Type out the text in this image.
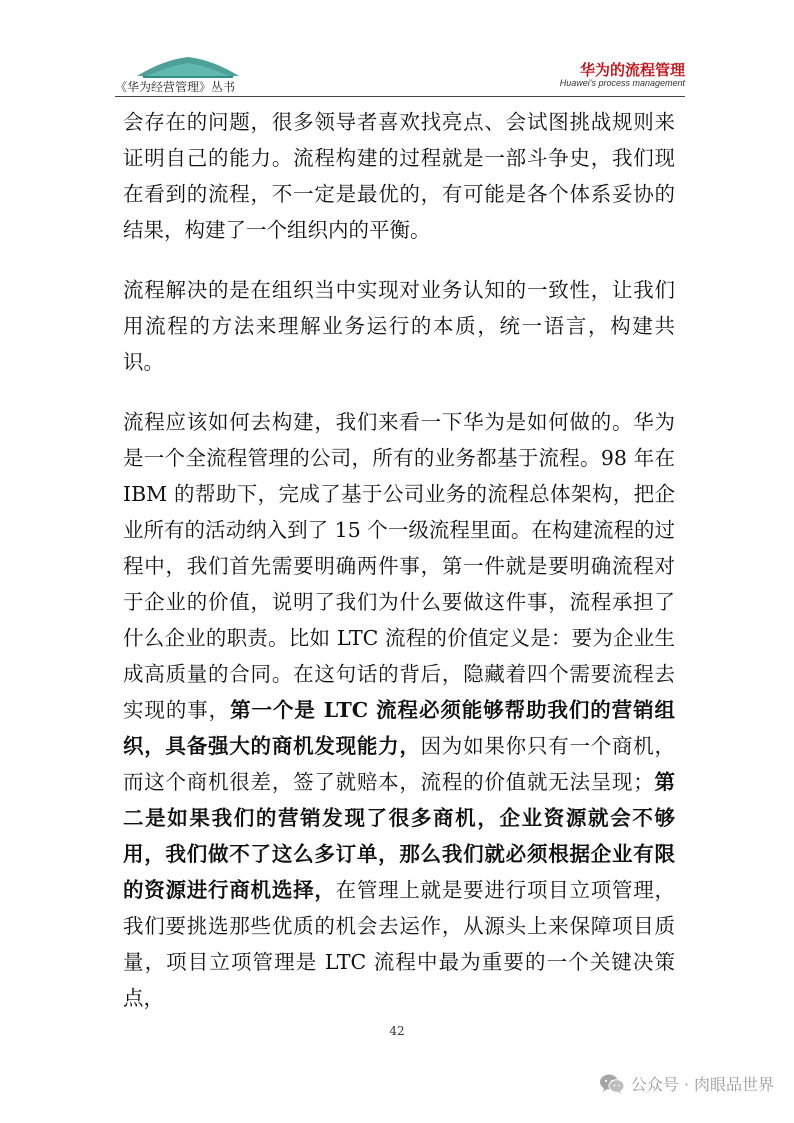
《华为经营管理》丛书
华为的流程管理
Huawei's process management

会存在的问题，很多领导者喜欢找亮点、会试图挑战规则来证明自己的能力。流程构建的过程就是一部斗争史，我们现在看到的流程，不一定是最优的，有可能是各个体系妥协的结果，构建了一个组织内的平衡。

流程解决的是在组织当中实现对业务认知的一致性，让我们用流程的方法来理解业务运行的本质，统一语言，构建共识。

流程应该如何去构建，我们来看一下华为是如何做的。华为是一个全流程管理的公司，所有的业务都基于流程。98 年在 IBM 的帮助下，完成了基于公司业务的流程总体架构，把企业所有的活动纳入到了 15 个一级流程里面。在构建流程的过程中，我们首先需要明确两件事，第一件就是要明确流程对于企业的价值，说明了我们为什么要做这件事，流程承担了什么企业的职责。比如 LTC 流程的价值定义是：要为企业生成高质量的合同。在这句话的背后，隐藏着四个需要流程去实现的事，第一个是 LTC 流程必须能够帮助我们的营销组织，具备强大的商机发现能力，因为如果你只有一个商机，而这个商机很差，签了就赔本，流程的价值就无法呈现；第二是如果我们的营销发现了很多商机，企业资源就会不够用，我们做不了这么多订单，那么我们就必须根据企业有限的资源进行商机选择，在管理上就是要进行项目立项管理，我们要挑选那些优质的机会去运作，从源头上来保障项目质量，项目立项管理是 LTC 流程中最为重要的一个关键决策点，

42
公众号 · 肉眼品世界
